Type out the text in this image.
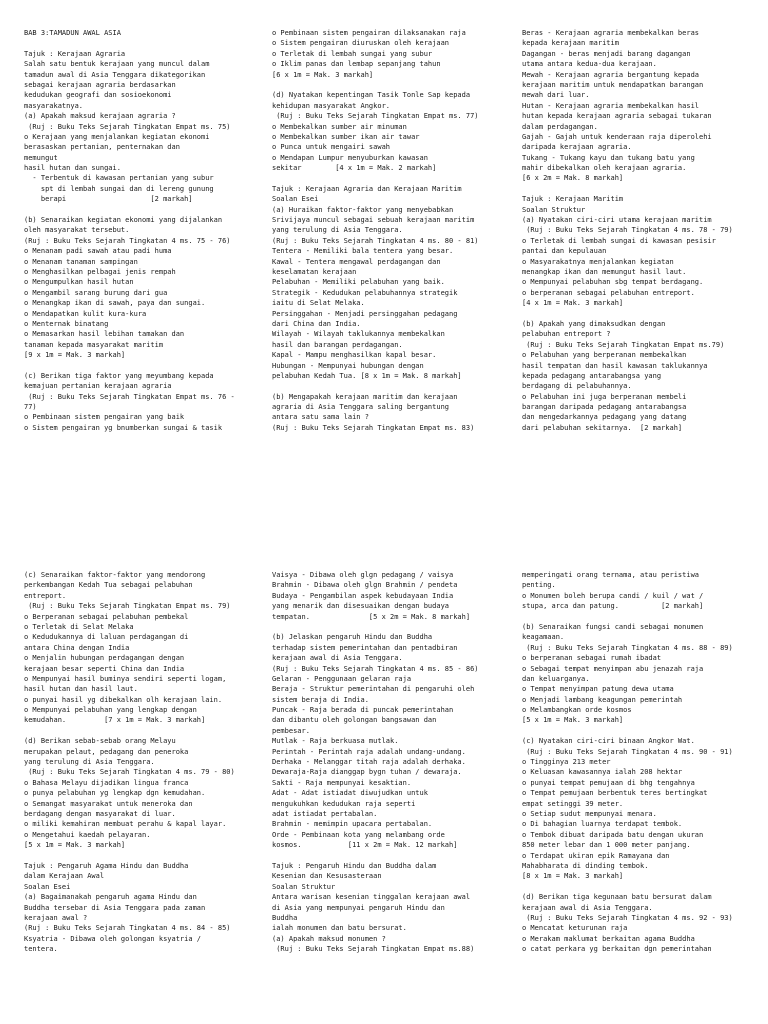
BAB 3:TAMADUN AWAL ASIA
Tajuk : Kerajaan Agraria
Salah satu bentuk kerajaan yang muncul dalam
tamadun awal di Asia Tenggara dikategorikan
sebagai kerajaan agraria berdasarkan
kedudukan geografi dan sosioekonomi
masyarakatnya.
(a) Apakah maksud kerajaan agraria ?
(Ruj : Buku Teks Sejarah Tingkatan Empat ms. 75)
o Kerajaan yang menjalankan kegiatan ekonomi
berasaskan pertanian, penternakan dan
memungut
hasil hutan dan sungai.
- Terbentuk di kawasan pertanian yang subur
spt di lembah sungai dan di lereng gunung
berapi                    [2 markah]
(b) Senaraikan kegiatan ekonomi yang dijalankan
oleh masyarakat tersebut.
(Ruj : Buku Teks Sejarah Tingkatan 4 ms. 75 - 76)
o Menanam padi sawah atau padi huma
o Menanam tanaman sampingan
o Menghasilkan pelbagai jenis rempah
o Mengumpulkan hasil hutan
o Mengambil sarang burung dari gua
o Menangkap ikan di sawah, paya dan sungai.
o Mendapatkan kulit kura-kura
o Menternak binatang
o Memasarkan hasil lebihan tamakan dan
tanaman kepada masyarakat maritim
[9 x 1m = Mak. 3 markah]
(c) Berikan tiga faktor yang meyumbang kepada
kemajuan pertanian kerajaan agraria
(Ruj : Buku Teks Sejarah Tingkatan Empat ms. 76 -
77)
o Pembinaan sistem pengairan yang baik
o Sistem pengairan yg bnumberkan sungai & tasik
o Pembinaan sistem pengairan dilaksanakan raja
o Sistem pengairan diuruskan oleh kerajaan
o Terletak di lembah sungai yang subur
o Iklim panas dan lembap sepanjang tahun
[6 x 1m = Mak. 3 markah]
(d) Nyatakan kepentingan Tasik Tonle Sap kepada
kehidupan masyarakat Angkor.
(Ruj : Buku Teks Sejarah Tingkatan Empat ms. 77)
o Membekalkan sumber air minuman
o Membekalkan sumber ikan air tawar
o Punca untuk mengairi sawah
o Mendapan Lumpur menyuburkan kawasan
sekitar        [4 x 1m = Mak. 2 markah]
Tajuk : Kerajaan Agraria dan Kerajaan Maritim
Soalan Esei
(a) Huraikan faktor-faktor yang menyebabkan
Srivijaya muncul sebagai sebuah kerajaan maritim
yang terulung di Asia Tenggara.
(Ruj : Buku Teks Sejarah Tingkatan 4 ms. 80 - 81)
Tentera - Memiliki bala tentera yang besar.
Kawal - Tentera mengawal perdagangan dan
keselamatan kerajaan
Pelabuhan - Memiliki pelabuhan yang baik.
Strategik - Kedudukan pelabuhannya strategik
iaitu di Selat Melaka.
Persinggahan - Menjadi persinggahan pedagang
dari China dan India.
Wilayah - Wilayah taklukannya membekalkan
hasil dan barangan perdagangan.
Kapal - Mampu menghasilkan kapal besar.
Hubungan - Mempunyai hubungan dengan
pelabuhan Kedah Tua. [8 x 1m = Mak. 8 markah]
(b) Mengapakah kerajaan maritim dan kerajaan
agraria di Asia Tenggara saling bergantung
antara satu sama lain ?
(Ruj : Buku Teks Sejarah Tingkatan Empat ms. 83)
Beras - Kerajaan agraria membekalkan beras
kepada kerajaan maritim
Dagangan - beras menjadi barang dagangan
utama antara kedua-dua kerajaan.
Mewah - Kerajaan agraria bergantung kepada
kerajaan maritim untuk mendapatkan barangan
mewah dari luar.
Hutan - Kerajaan agraria membekalkan hasil
hutan kepada kerajaan agraria sebagai tukaran
dalam perdagangan.
Gajah - Gajah untuk kenderaan raja diperolehi
daripada kerajaan agraria.
Tukang - Tukang kayu dan tukang batu yang
mahir dibekalkan oleh kerajaan agraria.
[6 x 2m = Mak. 8 markah]
Tajuk : Kerajaan Maritim
Soalan Struktur
(a) Nyatakan ciri-ciri utama kerajaan maritim
(Ruj : Buku Teks Sejarah Tingkatan 4 ms. 78 - 79)
o Terletak di lembah sungai di kawasan pesisir
pantai dan kepulauan
o Masyarakatnya menjalankan kegiatan
menangkap ikan dan memungut hasil laut.
o Mempunyai pelabuhan sbg tempat berdagang.
o berperanan sebagai pelabuhan entreport.
[4 x 1m = Mak. 3 markah]
(b) Apakah yang dimaksudkan dengan
pelabuhan entreport ?
(Ruj : Buku Teks Sejarah Tingkatan Empat ms.79)
o Pelabuhan yang berperanan membekalkan
hasil tempatan dan hasil kawasan taklukannya
kepada pedagang antarabangsa yang
berdagang di pelabuhannya.
o Pelabuhan ini juga berperanan membeli
barangan daripada pedagang antarabangsa
dan mengedarkannya pedagang yang datang
dari pelabuhan sekitarnya.  [2 markah]
(c) Senaraikan faktor-faktor yang mendorong
perkembangan Kedah Tua sebagai pelabuhan
entreport.
(Ruj : Buku Teks Sejarah Tingkatan Empat ms. 79)
o Berperanan sebagai pelabuhan pembekal
o Terletak di Selat Melaka
o Kedudukannya di laluan perdagangan di
antara China dengan India
o Menjalin hubungan perdagangan dengan
kerajaan besar seperti China dan India
o Mempunyai hasil buminya sendiri seperti logam,
hasil hutan dan hasil laut.
o punyai hasil yg dibekalkan olh kerajaan lain.
o Mempunyai pelabuhan yang lengkap dengan
kemudahan.         [7 x 1m = Mak. 3 markah]
(d) Berikan sebab-sebab orang Melayu
merupakan pelaut, pedagang dan peneroka
yang terulung di Asia Tenggara.
(Ruj : Buku Teks Sejarah Tingkatan 4 ms. 79 - 80)
o Bahasa Melayu dijadikan lingua franca
o punya pelabuhan yg lengkap dgn kemudahan.
o Semangat masyarakat untuk meneroka dan
berdagang dengan masyarakat di luar.
o miliki kemahiran membuat perahu & kapal layar.
o Mengetahui kaedah pelayaran.
[5 x 1m = Mak. 3 markah]
Tajuk : Pengaruh Agama Hindu dan Buddha
dalam Kerajaan Awal
Soalan Esei
(a) Bagaimanakah pengaruh agama Hindu dan
Buddha tersebar di Asia Tenggara pada zaman
kerajaan awal ?
(Ruj : Buku Teks Sejarah Tingkatan 4 ms. 84 - 85)
Ksyatria - Dibawa oleh golongan ksyatria /
tentera.
Vaisya - Dibawa oleh glgn pedagang / vaisya
Brahmin - Dibawa oleh glgn Brahmin / pendeta
Budaya - Pengambilan aspek kebudayaan India
yang menarik dan disesuaikan dengan budaya
tempatan.              [5 x 2m = Mak. 8 markah]
(b) Jelaskan pengaruh Hindu dan Buddha
terhadap sistem pemerintahan dan pentadbiran
kerajaan awal di Asia Tenggara.
(Ruj : Buku Teks Sejarah Tingkatan 4 ms. 85 - 86)
Gelaran - Penggunaan gelaran raja
Beraja - Struktur pemerintahan di pengaruhi oleh
sistem beraja di India.
Puncak - Raja berada di puncak pemerintahan
dan dibantu oleh golongan bangsawan dan
pembesar.
Mutlak - Raja berkuasa mutlak.
Perintah - Perintah raja adalah undang-undang.
Derhaka - Melanggar titah raja adalah derhaka.
Dewaraja-Raja dianggap bygn tuhan / dewaraja.
Sakti - Raja mempunyai kesaktian.
Adat - Adat istiadat diwujudkan untuk
mengukuhkan kedudukan raja seperti
adat istiadat pertabalan.
Brahmin - memimpin upacara pertabalan.
Orde - Pembinaan kota yang melambang orde
kosmos.           [11 x 2m = Mak. 12 markah]
Tajuk : Pengaruh Hindu dan Buddha dalam
Kesenian dan Kesusasteraan
Soalan Struktur
Antara warisan kesenian tinggalan kerajaan awal
di Asia yang mempunyai pengaruh Hindu dan
Buddha
ialah monumen dan batu bersurat.
(a) Apakah maksud monumen ?
(Ruj : Buku Teks Sejarah Tingkatan Empat ms.88)
memperingati orang ternama, atau peristiwa
penting.
o Monumen boleh berupa candi / kuil / wat /
stupa, arca dan patung.          [2 markah]
(b) Senaraikan fungsi candi sebagai monumen
keagamaan.
(Ruj : Buku Teks Sejarah Tingkatan 4 ms. 88 - 89)
o berperanan sebagai rumah ibadat
o Sebagai tempat menyimpan abu jenazah raja
dan keluarganya.
o Tempat menyimpan patung dewa utama
o Menjadi lambang keagungan pemerintah
o Melambangkan orde kosmos
[5 x 1m = Mak. 3 markah]
(c) Nyatakan ciri-ciri binaan Angkor Wat.
(Ruj : Buku Teks Sejarah Tingkatan 4 ms. 90 - 91)
o Tingginya 213 meter
o Keluasan kawasannya ialah 208 hektar
o punyai tempat pemujaan di bhg tengahnya
o Tempat pemujaan berbentuk teres bertingkat
empat setinggi 39 meter.
o Setiap sudut mempunyai menara.
o Di bahagian luarnya terdapat tembok.
o Tembok dibuat daripada batu dengan ukuran
850 meter lebar dan 1 000 meter panjang.
o Terdapat ukiran epik Ramayana dan
Mahabharata di dinding tembok.
[8 x 1m = Mak. 3 markah]
(d) Berikan tiga kegunaan batu bersurat dalam
kerajaan awal di Asia Tenggara.
(Ruj : Buku Teks Sejarah Tingkatan 4 ms. 92 - 93)
o Mencatat keturunan raja
o Merakam maklumat berkaitan agama Buddha
o catat perkara yg berkaitan dgn pemerintahan
